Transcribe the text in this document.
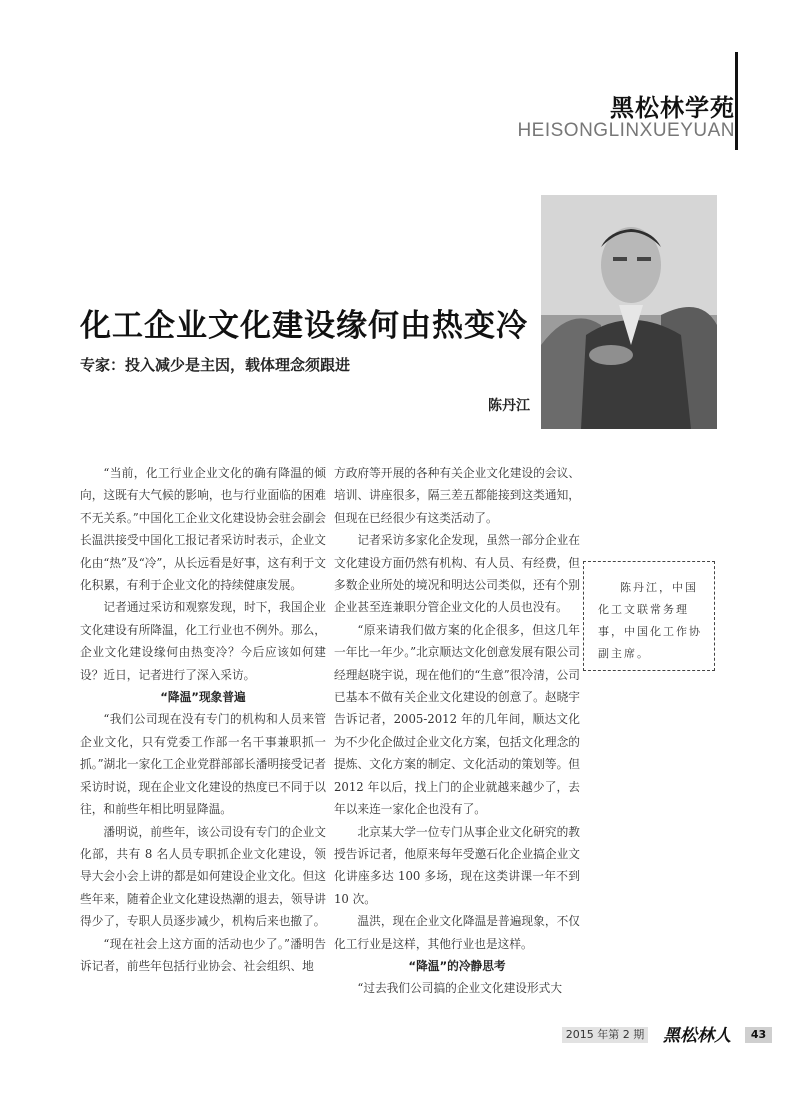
黑松林学苑
HEISONGLINXUEYUAN
化工企业文化建设缘何由热变冷
专家：投入减少是主因，载体理念须跟进
陈丹江

“当前，化工行业企业文化的确有降温的倾向，这既有大气候的影响，也与行业面临的困难不无关系。”中国化工企业文化建设协会驻会副会长温洪接受中国化工报记者采访时表示，企业文化由“热”及“冷”，从长远看是好事，这有利于文化积累，有利于企业文化的持续健康发展。

记者通过采访和观察发现，时下，我国企业文化建设有所降温，化工行业也不例外。那么，企业文化建设缘何由热变冷？今后应该如何建设？近日，记者进行了深入采访。

“降温”现象普遍

“我们公司现在没有专门的机构和人员来管企业文化，只有党委工作部一名干事兼职抓一抓。”湖北一家化工企业党群部部长潘明接受记者采访时说，现在企业文化建设的热度已不同于以往，和前些年相比明显降温。

潘明说，前些年，该公司设有专门的企业文化部，共有 8 名人员专职抓企业文化建设，领导大会小会上讲的都是如何建设企业文化。但这些年来，随着企业文化建设热潮的退去，领导讲得少了，专职人员逐步减少，机构后来也撤了。

“现在社会上这方面的活动也少了。”潘明告诉记者，前些年包括行业协会、社会组织、地

方政府等开展的各种有关企业文化建设的会议、培训、讲座很多，隔三差五都能接到这类通知，但现在已经很少有这类活动了。

记者采访多家化企发现，虽然一部分企业在文化建设方面仍然有机构、有人员、有经费，但多数企业所处的境况和明达公司类似，还有个别企业甚至连兼职分管企业文化的人员也没有。

“原来请我们做方案的化企很多，但这几年一年比一年少。”北京顺达文化创意发展有限公司经理赵晓宇说，现在他们的“生意”很冷清，公司已基本不做有关企业文化建设的创意了。赵晓宇告诉记者，2005-2012 年的几年间，顺达文化为不少化企做过企业文化方案，包括文化理念的提炼、文化方案的制定、文化活动的策划等。但 2012 年以后，找上门的企业就越来越少了，去年以来连一家化企也没有了。

北京某大学一位专门从事企业文化研究的教授告诉记者，他原来每年受邀石化企业搞企业文化讲座多达 100 多场，现在这类讲课一年不到 10 次。

温洪，现在企业文化降温是普遍现象，不仅化工行业是这样，其他行业也是这样。

“降温”的冷静思考

“过去我们公司搞的企业文化建设形式大

陈丹江，中国化工文联常务理事，中国化工作协副主席。
2015 年第 2 期 黑松林人	43
